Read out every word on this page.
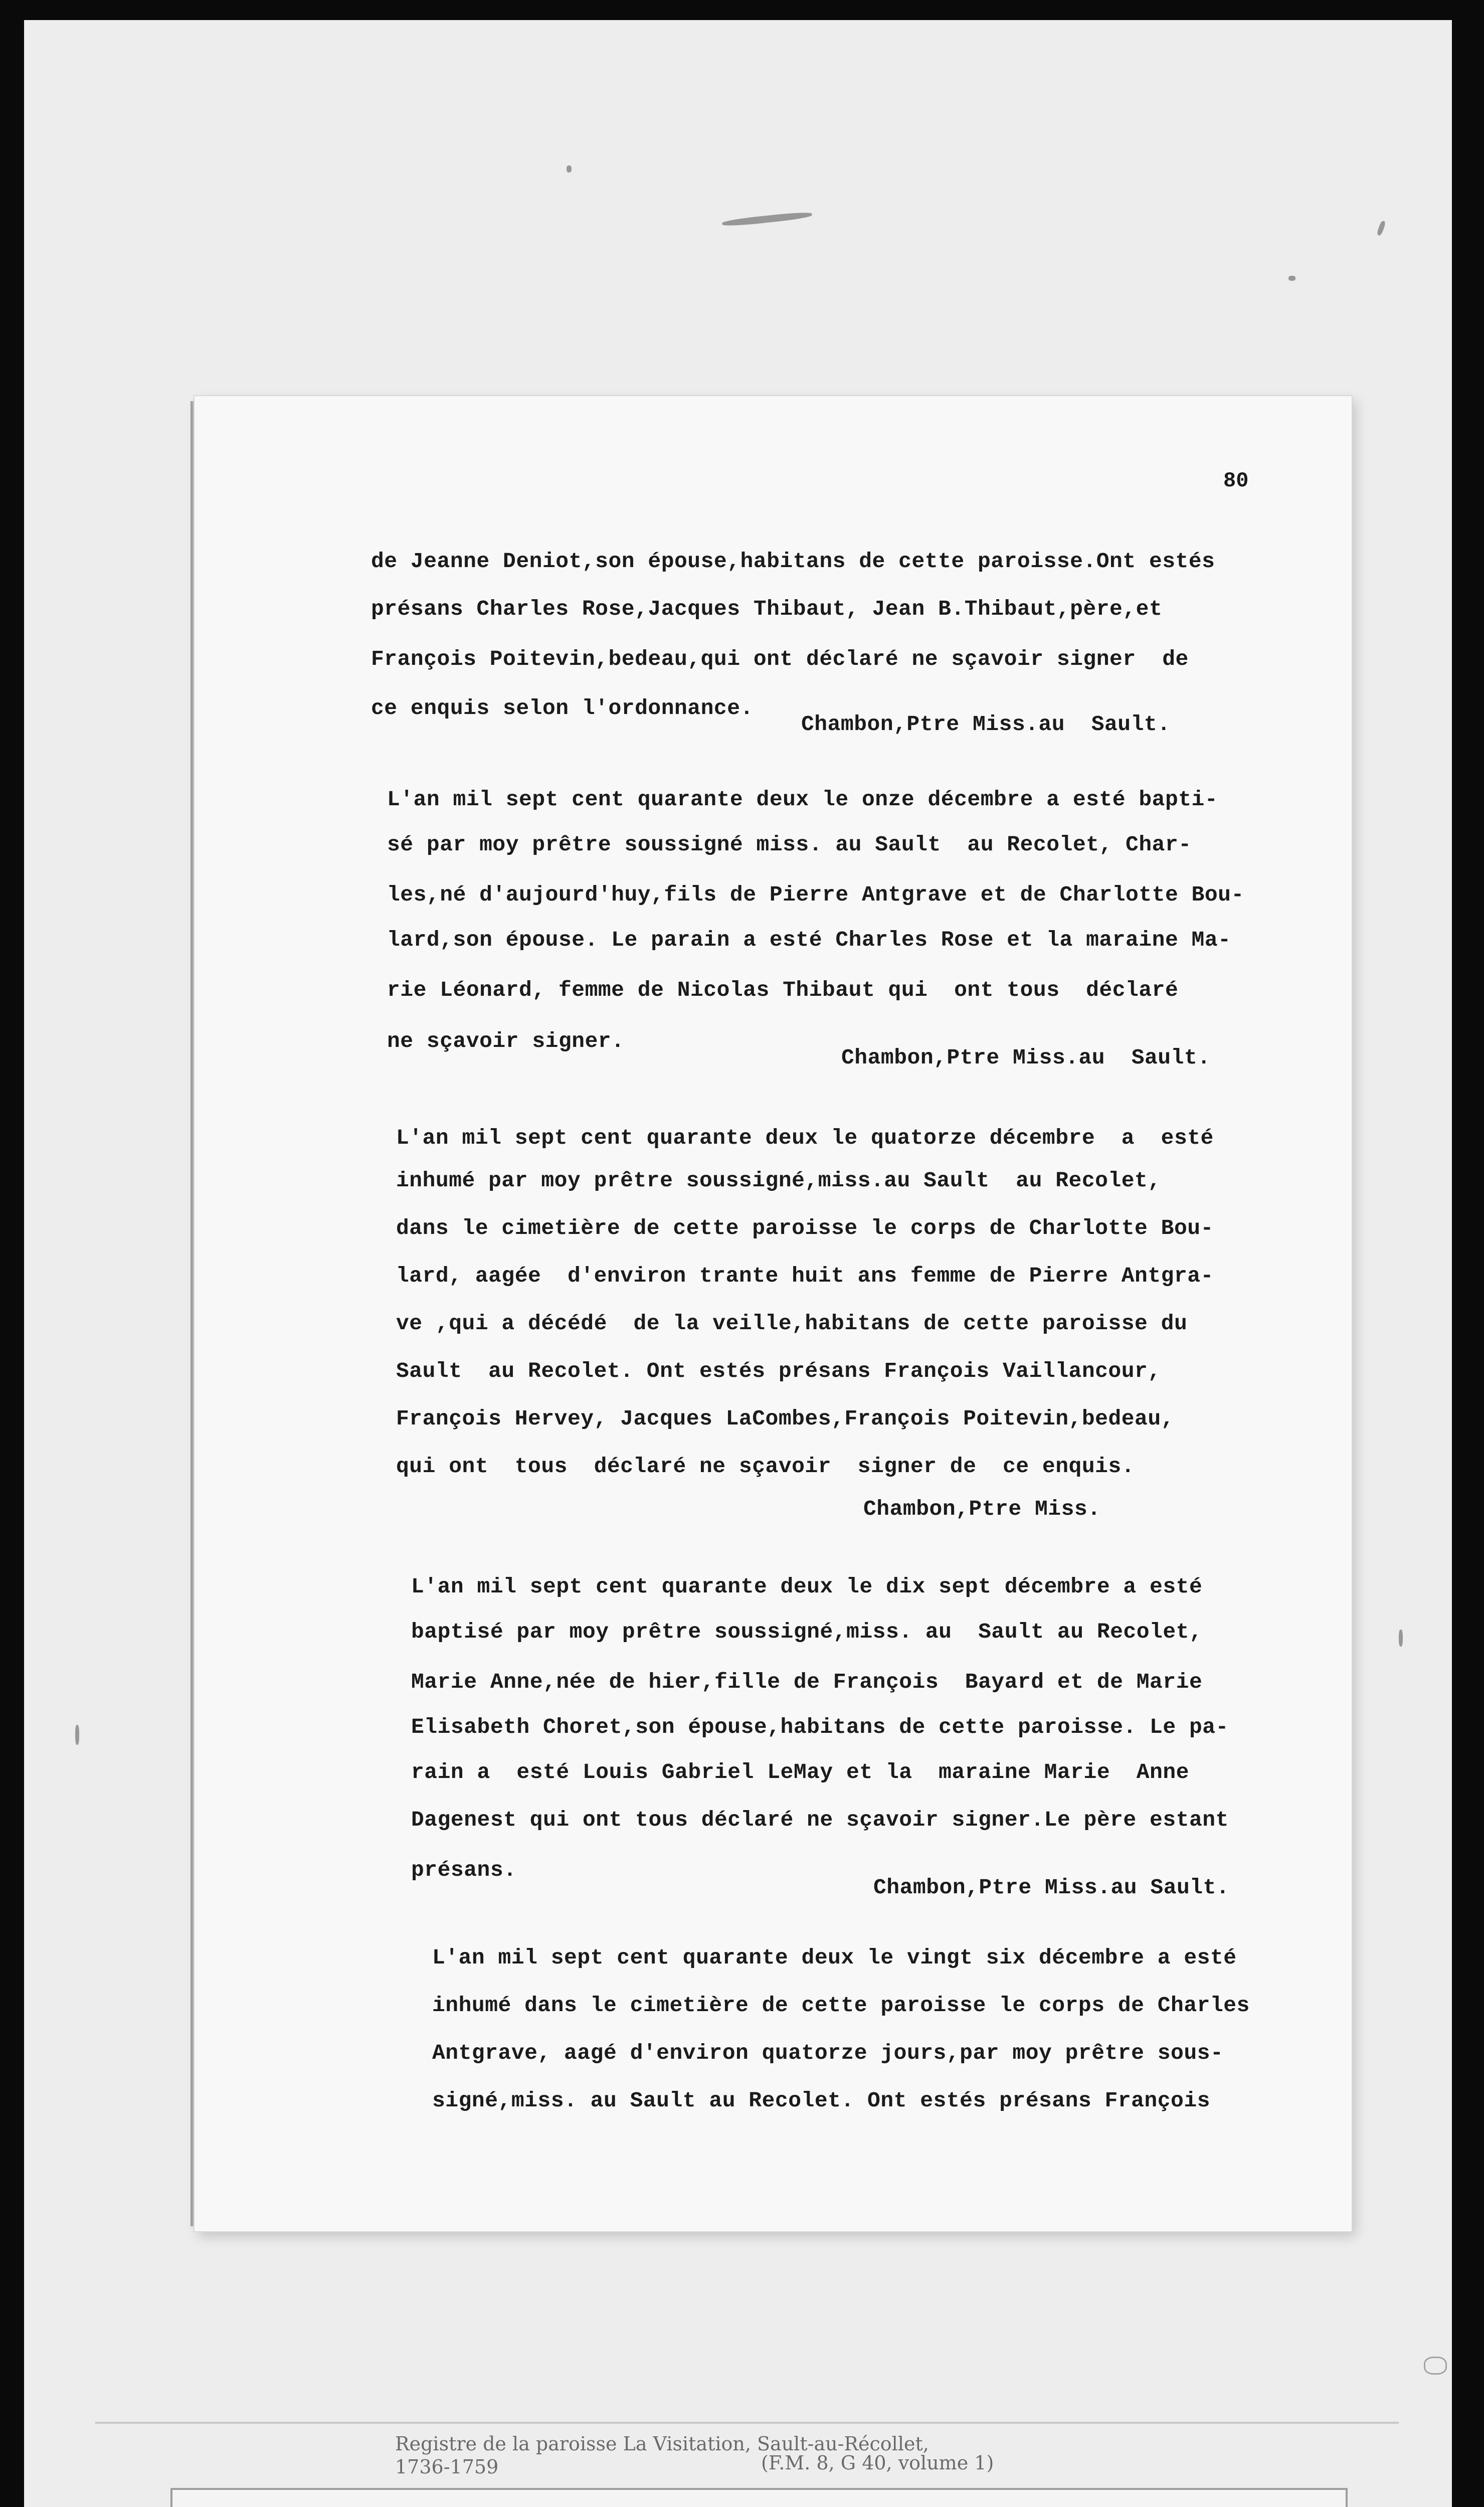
80
de Jeanne Deniot,son épouse,habitans de cette paroisse.Ont estés
présans Charles Rose,Jacques Thibaut, Jean B.Thibaut,père,et
François Poitevin,bedeau,qui ont déclaré ne sçavoir signer  de
ce enquis selon l'ordonnance.
Chambon,Ptre Miss.au  Sault.
L'an mil sept cent quarante deux le onze décembre a esté bapti-
sé par moy prêtre soussigné miss. au Sault  au Recolet, Char-
les,né d'aujourd'huy,fils de Pierre Antgrave et de Charlotte Bou-
lard,son épouse. Le parain a esté Charles Rose et la maraine Ma-
rie Léonard, femme de Nicolas Thibaut qui  ont tous  déclaré
ne sçavoir signer.
Chambon,Ptre Miss.au  Sault.
L'an mil sept cent quarante deux le quatorze décembre  a  esté
inhumé par moy prêtre soussigné,miss.au Sault  au Recolet,
dans le cimetière de cette paroisse le corps de Charlotte Bou-
lard, aagée  d'environ trante huit ans femme de Pierre Antgra-
ve ,qui a décédé  de la veille,habitans de cette paroisse du
Sault  au Recolet. Ont estés présans François Vaillancour,
François Hervey, Jacques LaCombes,François Poitevin,bedeau,
qui ont  tous  déclaré ne sçavoir  signer de  ce enquis.
Chambon,Ptre Miss.
L'an mil sept cent quarante deux le dix sept décembre a esté
baptisé par moy prêtre soussigné,miss. au  Sault au Recolet,
Marie Anne,née de hier,fille de François  Bayard et de Marie
Elisabeth Choret,son épouse,habitans de cette paroisse. Le pa-
rain a  esté Louis Gabriel LeMay et la  maraine Marie  Anne
Dagenest qui ont tous déclaré ne sçavoir signer.Le père estant
présans.
Chambon,Ptre Miss.au Sault.
L'an mil sept cent quarante deux le vingt six décembre a esté
inhumé dans le cimetière de cette paroisse le corps de Charles
Antgrave, aagé d'environ quatorze jours,par moy prêtre sous-
signé,miss. au Sault au Recolet. Ont estés présans François
Registre de la paroisse La Visitation, Sault-au-Récollet,
1736-1759	(F.M. 8, G 40, volume 1)
